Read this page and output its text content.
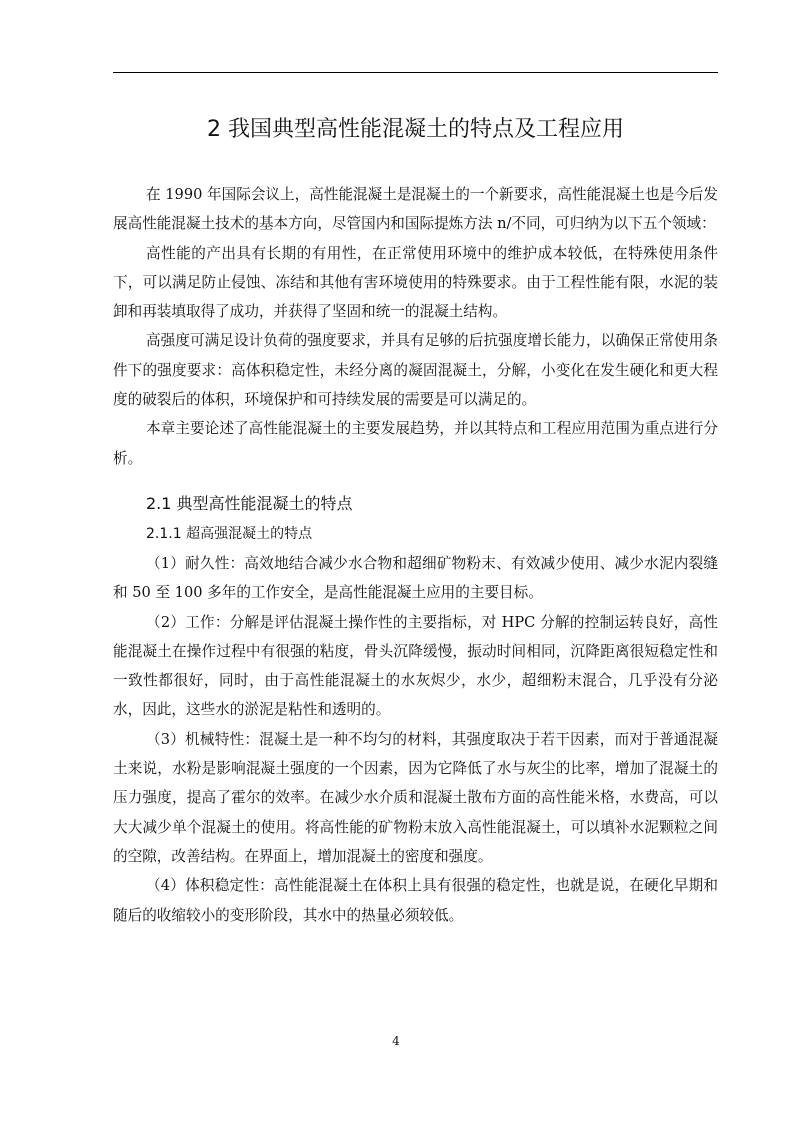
2 我国典型高性能混凝土的特点及工程应用

在 1990 年国际会议上，高性能混凝土是混凝土的一个新要求，高性能混凝土也是今后发展高性能混凝土技术的基本方向，尽管国内和国际提炼方法 n/不同，可归纳为以下五个领域：

高性能的产出具有长期的有用性，在正常使用环境中的维护成本较低，在特殊使用条件下，可以满足防止侵蚀、冻结和其他有害环境使用的特殊要求。由于工程性能有限，水泥的装卸和再装填取得了成功，并获得了坚固和统一的混凝土结构。

高强度可满足设计负荷的强度要求，并具有足够的后抗强度增长能力，以确保正常使用条件下的强度要求：高体积稳定性，未经分离的凝固混凝土，分解，小变化在发生硬化和更大程度的破裂后的体积，环境保护和可持续发展的需要是可以满足的。

本章主要论述了高性能混凝土的主要发展趋势，并以其特点和工程应用范围为重点进行分析。

2.1 典型高性能混凝土的特点
2.1.1 超高强混凝土的特点

（1）耐久性：高效地结合减少水合物和超细矿物粉末、有效减少使用、减少水泥内裂缝和 50 至 100 多年的工作安全，是高性能混凝土应用的主要目标。

（2）工作：分解是评估混凝土操作性的主要指标，对 HPC 分解的控制运转良好，高性能混凝土在操作过程中有很强的粘度，骨头沉降缓慢，振动时间相同，沉降距离很短稳定性和一致性都很好，同时，由于高性能混凝土的水灰烬少，水少，超细粉末混合，几乎没有分泌水，因此，这些水的淤泥是粘性和透明的。

（3）机械特性：混凝土是一种不均匀的材料，其强度取决于若干因素，而对于普通混凝土来说，水粉是影响混凝土强度的一个因素，因为它降低了水与灰尘的比率，增加了混凝土的压力强度，提高了霍尔的效率。在减少水介质和混凝土散布方面的高性能米格，水费高，可以大大减少单个混凝土的使用。将高性能的矿物粉末放入高性能混凝土，可以填补水泥颗粒之间的空隙，改善结构。在界面上，增加混凝土的密度和强度。

（4）体积稳定性：高性能混凝土在体积上具有很强的稳定性，也就是说，在硬化早期和随后的收缩较小的变形阶段，其水中的热量必须较低。

4
